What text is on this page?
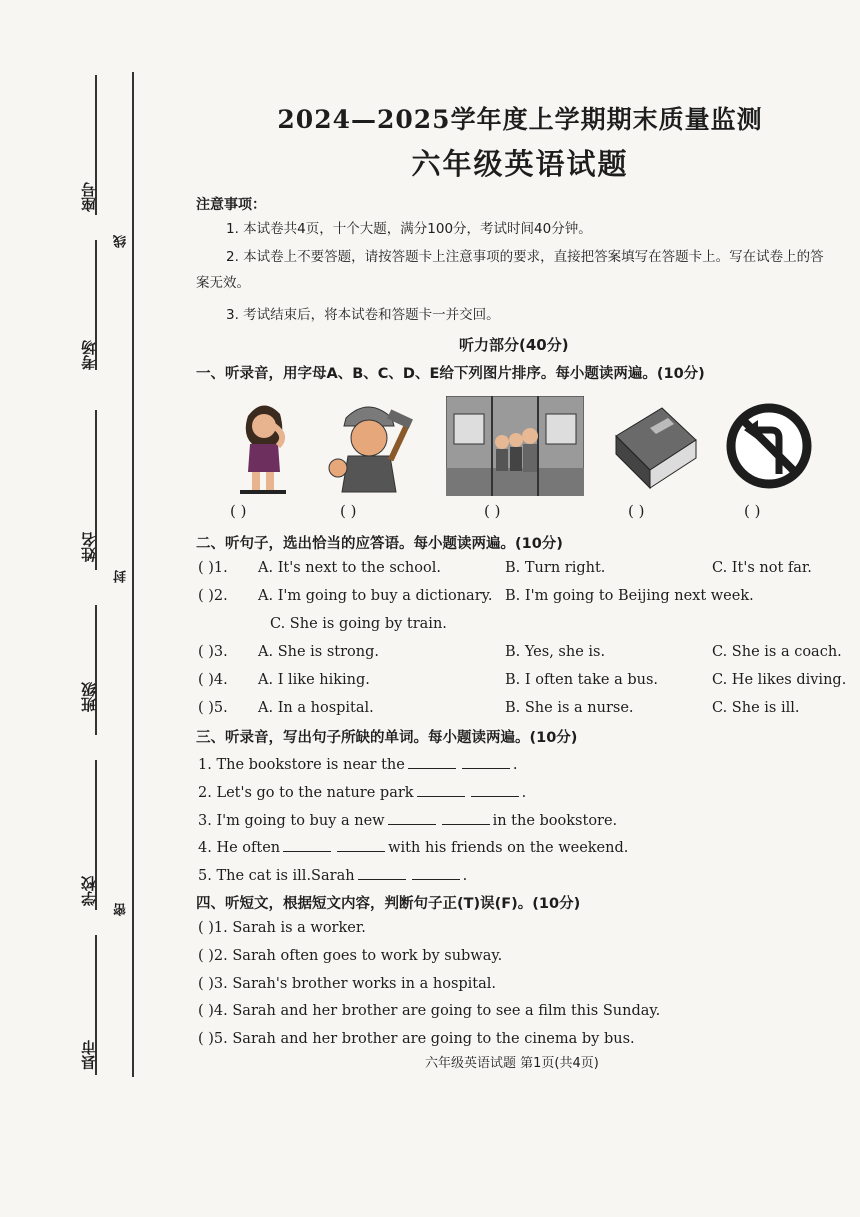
座号
考场
姓名
班级
学校
县市
线
封
密
2024—2025学年度上学期期末质量监测
六年级英语试题
注意事项：
1. 本试卷共4页，十个大题，满分100分，考试时间40分钟。
2. 本试卷上不要答题，请按答题卡上注意事项的要求，直接把答案填写在答题卡上。写在试卷上的答案无效。
3. 考试结束后，将本试卷和答题卡一并交回。
听力部分(40分)
一、听录音，用字母A、B、C、D、E给下列图片排序。每小题读两遍。(10分)
( )	( )	( )	( )	( )
二、听句子，选出恰当的应答语。每小题读两遍。(10分)
( )1. A. It's next to the school.	B. Turn right.	C. It's not far.
( )2. A. I'm going to buy a dictionary. B. I'm going to Beijing next week.
C. She is going by train.
( )3. A. She is strong.	B. Yes, she is.	C. She is a coach.
( )4. A. I like hiking.	B. I often take a bus.	C. He likes diving.
( )5. A. In a hospital.	B. She is a nurse.	C. She is ill.
三、听录音，写出句子所缺的单词。每小题读两遍。(10分)
1. The bookstore is near the	.
2. Let's go to the nature park	.
3. I'm going to buy a new	in the bookstore.
4. He often	with his friends on the weekend.
5. The cat is ill.Sarah	.
四、听短文，根据短文内容，判断句子正(T)误(F)。(10分)
( )1. Sarah is a worker.
( )2. Sarah often goes to work by subway.
( )3. Sarah's brother works in a hospital.
( )4. Sarah and her brother are going to see a film this Sunday.
( )5. Sarah and her brother are going to the cinema by bus.
六年级英语试题 第1页(共4页)
